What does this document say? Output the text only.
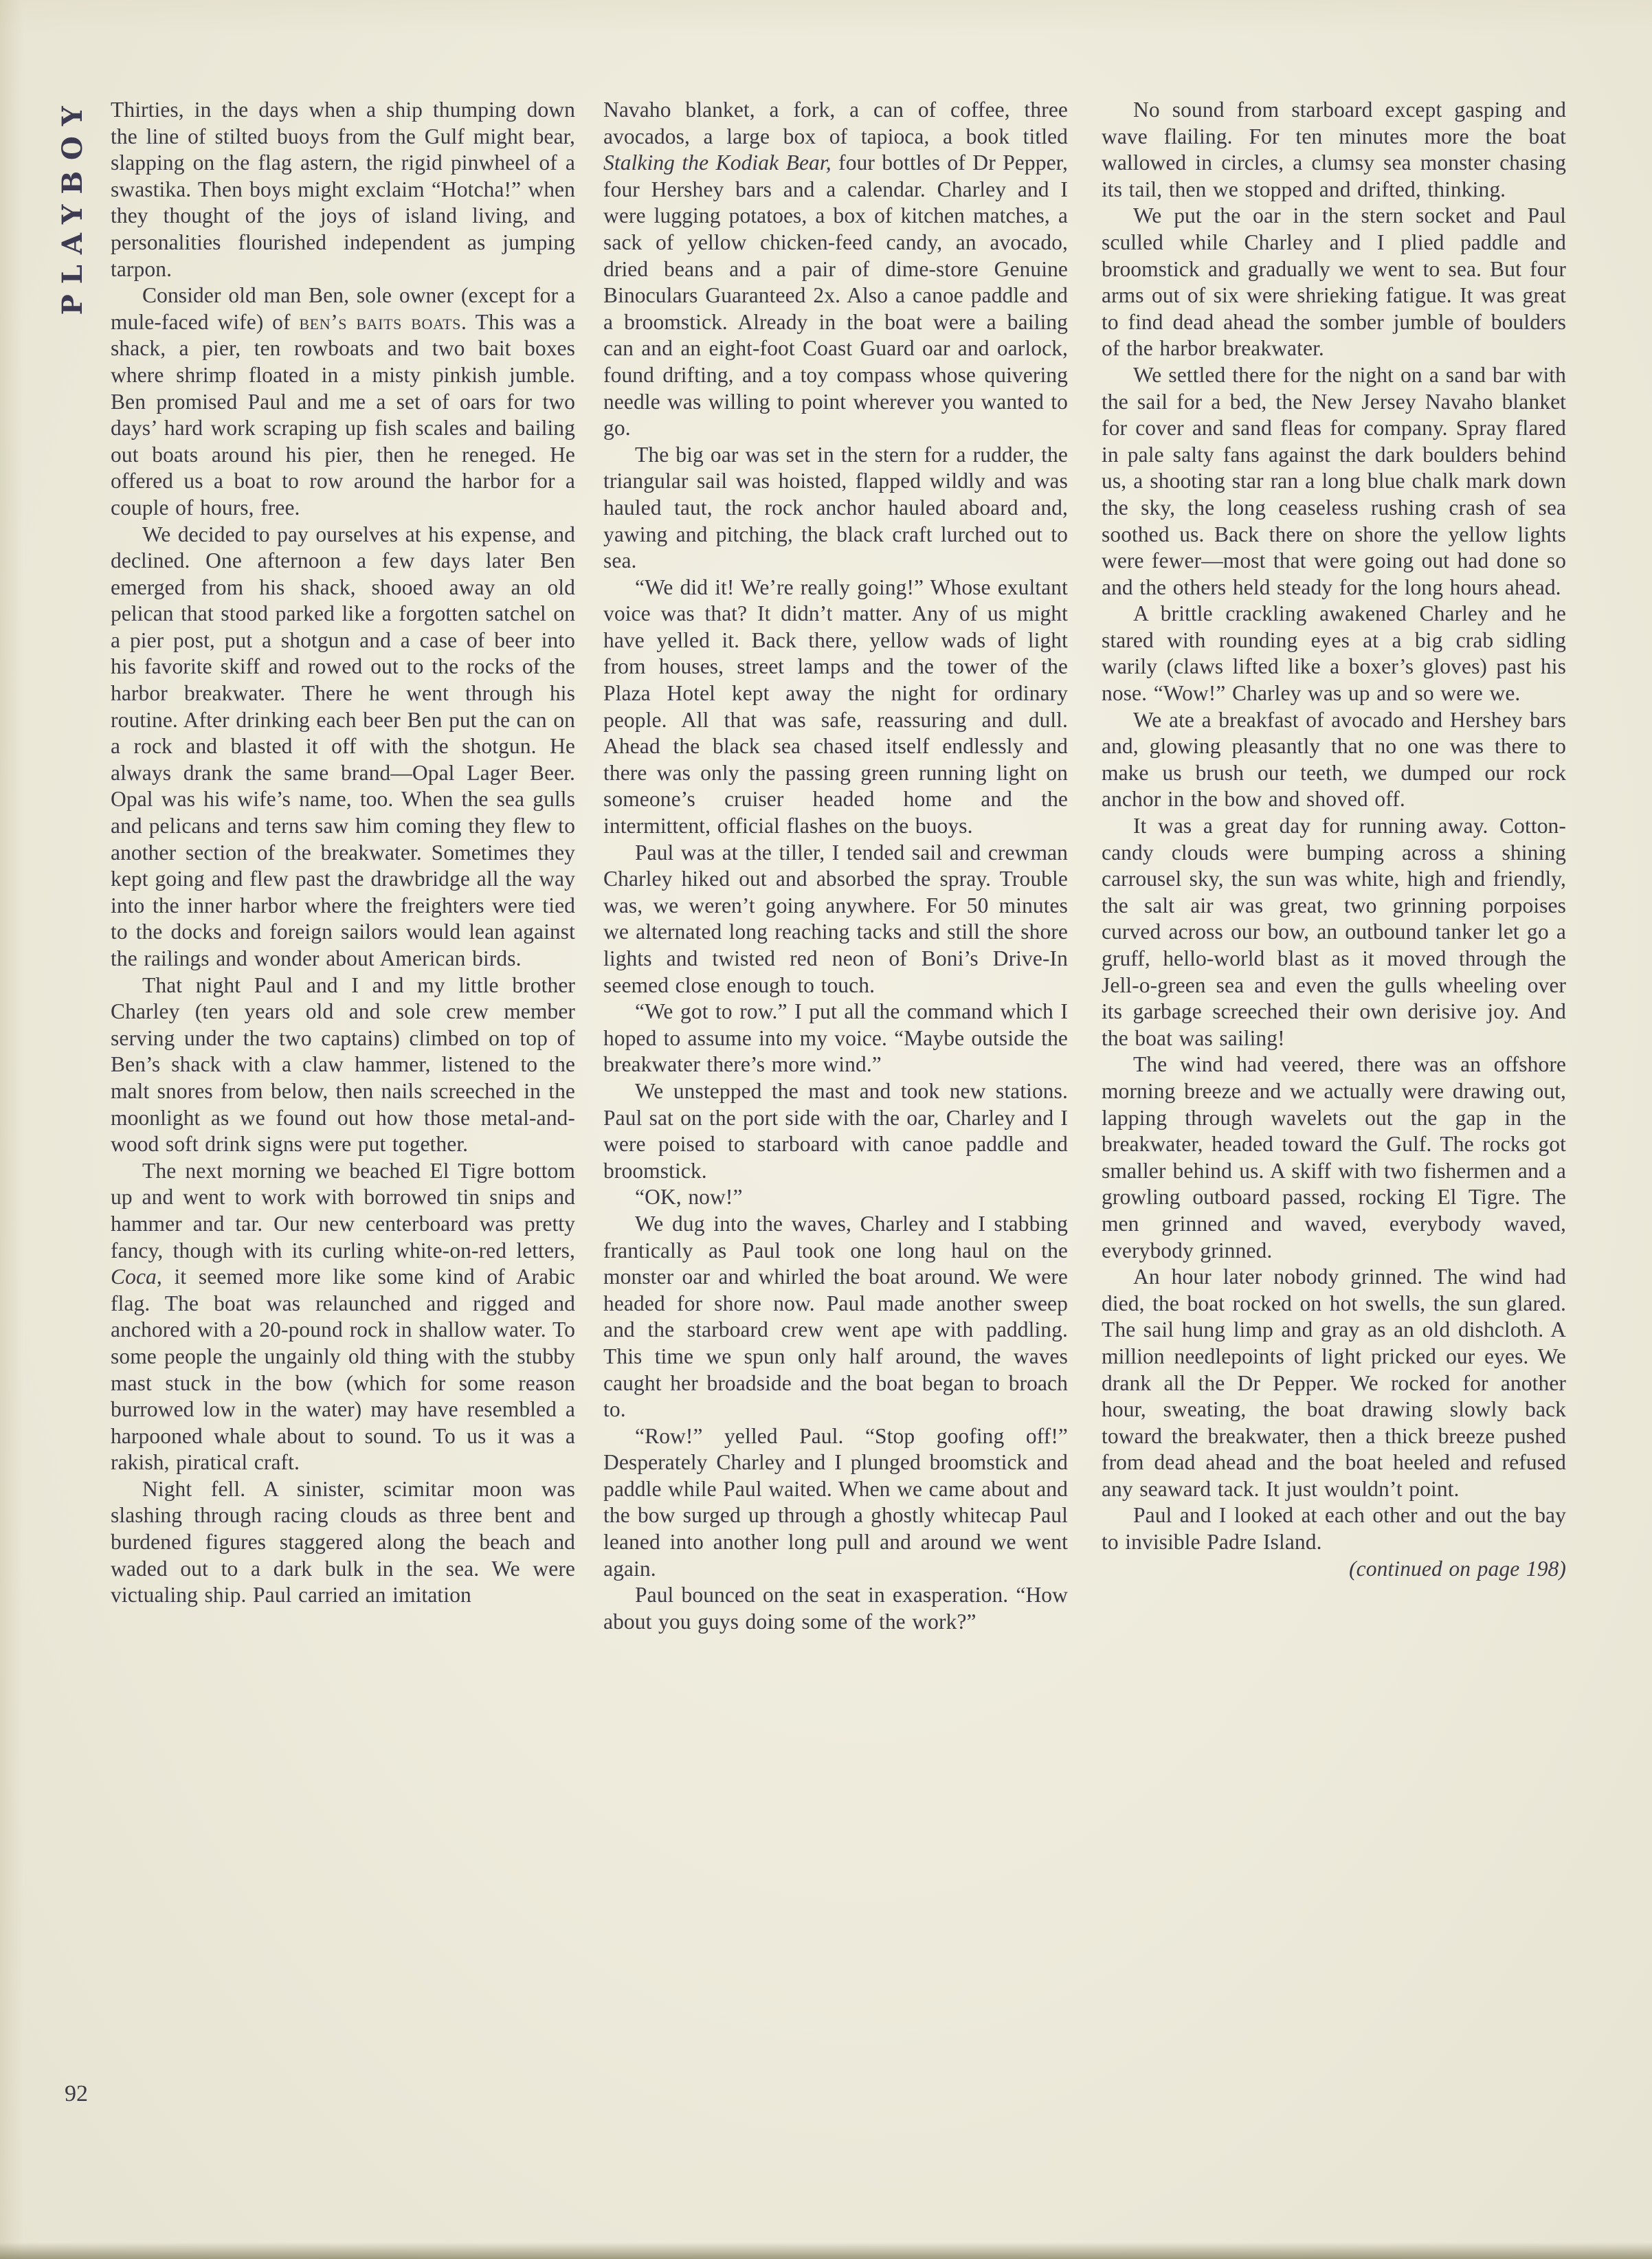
PLAYBOY Thirties, in the days when a ship thumping down the line of stilted buoys from the Gulf might bear, slapping on the flag astern, the rigid pinwheel of a swastika. Then boys might exclaim “Hotcha!” when they thought of the joys of island living, and personalities flourished independent as jumping tarpon.

Consider old man Ben, sole owner (except for a mule-faced wife) of ben’s baits boats. This was a shack, a pier, ten rowboats and two bait boxes where shrimp floated in a misty pinkish jumble. Ben promised Paul and me a set of oars for two days’ hard work scraping up fish scales and bailing out boats around his pier, then he reneged. He offered us a boat to row around the harbor for a couple of hours, free.

We decided to pay ourselves at his expense, and declined. One afternoon a few days later Ben emerged from his shack, shooed away an old pelican that stood parked like a forgotten satchel on a pier post, put a shotgun and a case of beer into his favorite skiff and rowed out to the rocks of the harbor breakwater. There he went through his routine. After drinking each beer Ben put the can on a rock and blasted it off with the shotgun. He always drank the same brand—Opal Lager Beer. Opal was his wife’s name, too. When the sea gulls and pelicans and terns saw him coming they flew to another section of the breakwater. Sometimes they kept going and flew past the drawbridge all the way into the inner harbor where the freighters were tied to the docks and foreign sailors would lean against the railings and wonder about American birds.

That night Paul and I and my little brother Charley (ten years old and sole crew member serving under the two captains) climbed on top of Ben’s shack with a claw hammer, listened to the malt snores from below, then nails screeched in the moonlight as we found out how those metal-and-wood soft drink signs were put together.

The next morning we beached El Tigre bottom up and went to work with borrowed tin snips and hammer and tar. Our new centerboard was pretty fancy, though with its curling white-on-red letters, Coca, it seemed more like some kind of Arabic flag. The boat was relaunched and rigged and anchored with a 20-pound rock in shallow water. To some people the ungainly old thing with the stubby mast stuck in the bow (which for some reason burrowed low in the water) may have resembled a harpooned whale about to sound. To us it was a rakish, piratical craft.

Night fell. A sinister, scimitar moon was slashing through racing clouds as three bent and burdened figures staggered along the beach and waded out to a dark bulk in the sea. We were victualing ship. Paul carried an imitation

Navaho blanket, a fork, a can of coffee, three avocados, a large box of tapioca, a book titled Stalking the Kodiak Bear, four bottles of Dr Pepper, four Hershey bars and a calendar. Charley and I were lugging potatoes, a box of kitchen matches, a sack of yellow chicken-feed candy, an avocado, dried beans and a pair of dime-store Genuine Binoculars Guaranteed 2x. Also a canoe paddle and a broomstick. Already in the boat were a bailing can and an eight-foot Coast Guard oar and oarlock, found drifting, and a toy compass whose quivering needle was willing to point wherever you wanted to go.

The big oar was set in the stern for a rudder, the triangular sail was hoisted, flapped wildly and was hauled taut, the rock anchor hauled aboard and, yawing and pitching, the black craft lurched out to sea.

“We did it! We’re really going!” Whose exultant voice was that? It didn’t matter. Any of us might have yelled it. Back there, yellow wads of light from houses, street lamps and the tower of the Plaza Hotel kept away the night for ordinary people. All that was safe, reassuring and dull. Ahead the black sea chased itself endlessly and there was only the passing green running light on someone’s cruiser headed home and the intermittent, official flashes on the buoys.

Paul was at the tiller, I tended sail and crewman Charley hiked out and absorbed the spray. Trouble was, we weren’t going anywhere. For 50 minutes we alternated long reaching tacks and still the shore lights and twisted red neon of Boni’s Drive-In seemed close enough to touch.

“We got to row.” I put all the command which I hoped to assume into my voice. “Maybe outside the breakwater there’s more wind.”

We unstepped the mast and took new stations. Paul sat on the port side with the oar, Charley and I were poised to starboard with canoe paddle and broomstick.

“OK, now!”

We dug into the waves, Charley and I stabbing frantically as Paul took one long haul on the monster oar and whirled the boat around. We were headed for shore now. Paul made another sweep and the starboard crew went ape with paddling. This time we spun only half around, the waves caught her broadside and the boat began to broach to.

“Row!” yelled Paul. “Stop goofing off!” Desperately Charley and I plunged broomstick and paddle while Paul waited. When we came about and the bow surged up through a ghostly whitecap Paul leaned into another long pull and around we went again.

Paul bounced on the seat in exasperation. “How about you guys doing some of the work?”

No sound from starboard except gasping and wave flailing. For ten minutes more the boat wallowed in circles, a clumsy sea monster chasing its tail, then we stopped and drifted, thinking.

We put the oar in the stern socket and Paul sculled while Charley and I plied paddle and broomstick and gradually we went to sea. But four arms out of six were shrieking fatigue. It was great to find dead ahead the somber jumble of boulders of the harbor breakwater.

We settled there for the night on a sand bar with the sail for a bed, the New Jersey Navaho blanket for cover and sand fleas for company. Spray flared in pale salty fans against the dark boulders behind us, a shooting star ran a long blue chalk mark down the sky, the long ceaseless rushing crash of sea soothed us. Back there on shore the yellow lights were fewer—most that were going out had done so and the others held steady for the long hours ahead.

A brittle crackling awakened Charley and he stared with rounding eyes at a big crab sidling warily (claws lifted like a boxer’s gloves) past his nose. “Wow!” Charley was up and so were we.

We ate a breakfast of avocado and Hershey bars and, glowing pleasantly that no one was there to make us brush our teeth, we dumped our rock anchor in the bow and shoved off.

It was a great day for running away. Cotton-candy clouds were bumping across a shining carrousel sky, the sun was white, high and friendly, the salt air was great, two grinning porpoises curved across our bow, an outbound tanker let go a gruff, hello-world blast as it moved through the Jell-o-green sea and even the gulls wheeling over its garbage screeched their own derisive joy. And the boat was sailing!

The wind had veered, there was an offshore morning breeze and we actually were drawing out, lapping through wavelets out the gap in the breakwater, headed toward the Gulf. The rocks got smaller behind us. A skiff with two fishermen and a growling outboard passed, rocking El Tigre. The men grinned and waved, everybody waved, everybody grinned.

An hour later nobody grinned. The wind had died, the boat rocked on hot swells, the sun glared. The sail hung limp and gray as an old dishcloth. A million needlepoints of light pricked our eyes. We drank all the Dr Pepper. We rocked for another hour, sweating, the boat drawing slowly back toward the breakwater, then a thick breeze pushed from dead ahead and the boat heeled and refused any seaward tack. It just wouldn’t point.

Paul and I looked at each other and out the bay to invisible Padre Island.
(continued on page 198)

92
